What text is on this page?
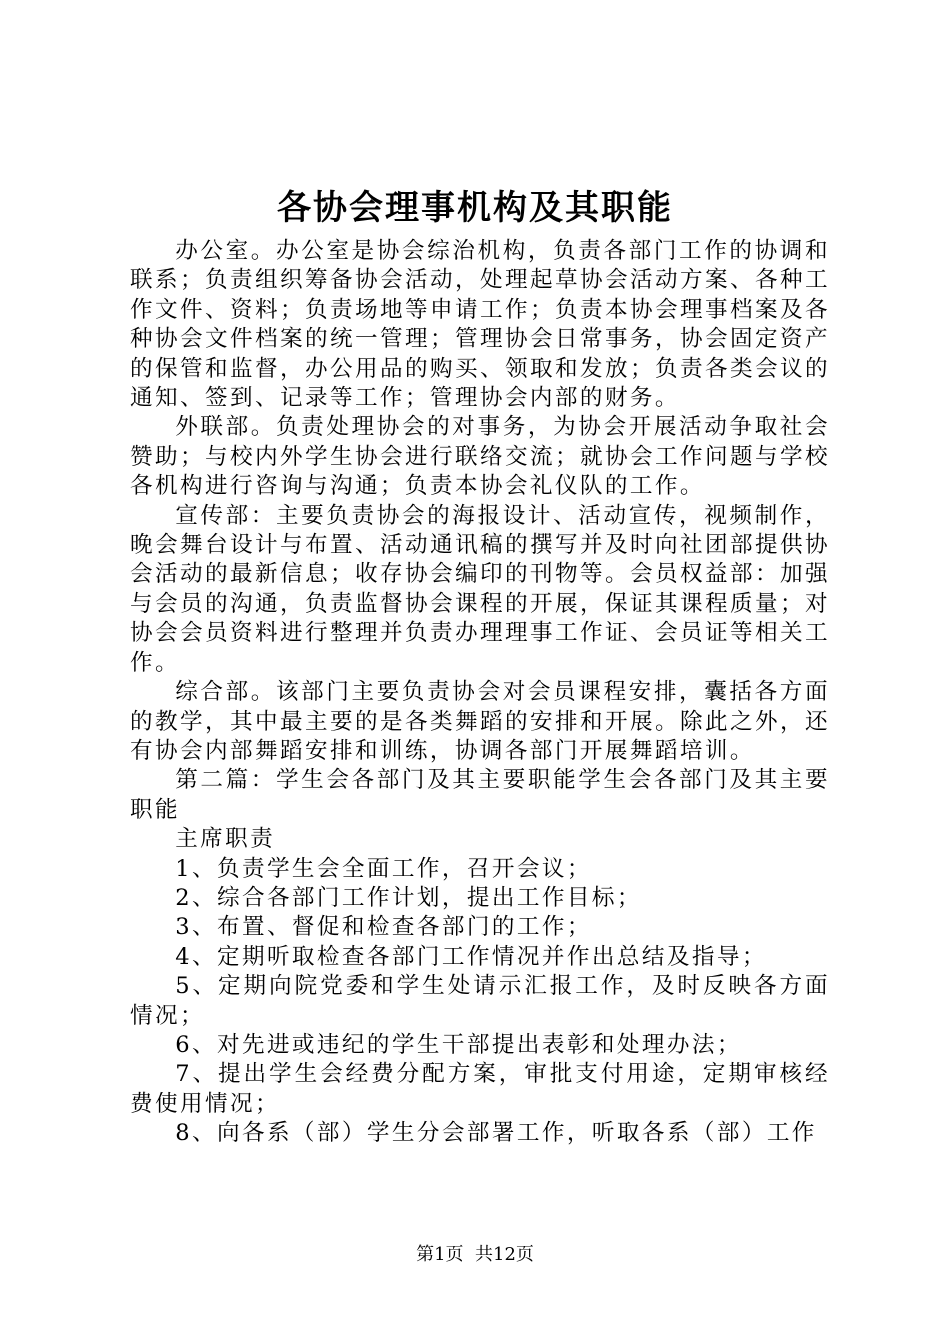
各协会理事机构及其职能

办公室。办公室是协会综治机构，负责各部门工作的协调和联系；负责组织筹备协会活动，处理起草协会活动方案、各种工作文件、资料；负责场地等申请工作；负责本协会理事档案及各种协会文件档案的统一管理；管理协会日常事务，协会固定资产的保管和监督，办公用品的购买、领取和发放；负责各类会议的通知、签到、记录等工作；管理协会内部的财务。

外联部。负责处理协会的对事务，为协会开展活动争取社会赞助；与校内外学生协会进行联络交流；就协会工作问题与学校各机构进行咨询与沟通；负责本协会礼仪队的工作。

宣传部：主要负责协会的海报设计、活动宣传，视频制作，晚会舞台设计与布置、活动通讯稿的撰写并及时向社团部提供协会活动的最新信息；收存协会编印的刊物等。会员权益部：加强与会员的沟通，负责监督协会课程的开展，保证其课程质量；对协会会员资料进行整理并负责办理理事工作证、会员证等相关工作。

综合部。该部门主要负责协会对会员课程安排，囊括各方面的教学，其中最主要的是各类舞蹈的安排和开展。除此之外，还有协会内部舞蹈安排和训练，协调各部门开展舞蹈培训。

第二篇：学生会各部门及其主要职能学生会各部门及其主要职能

主席职责

1、负责学生会全面工作，召开会议；

2、综合各部门工作计划，提出工作目标；

3、布置、督促和检查各部门的工作；

4、定期听取检查各部门工作情况并作出总结及指导；

5、定期向院党委和学生处请示汇报工作，及时反映各方面情况；

6、对先进或违纪的学生干部提出表彰和处理办法；

7、提出学生会经费分配方案，审批支付用途，定期审核经费使用情况；

8、向各系（部）学生分会部署工作，听取各系（部）工作

第1页  共12页
